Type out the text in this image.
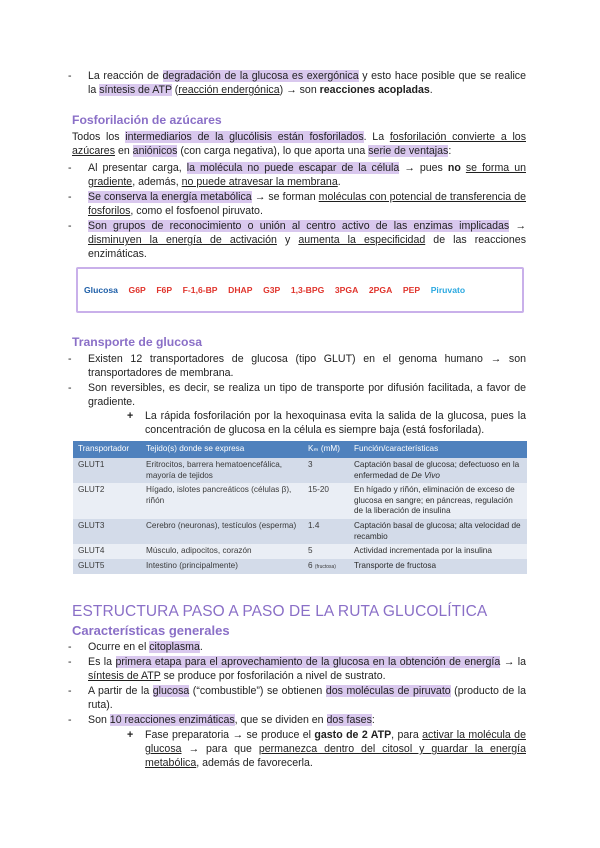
- La reacción de degradación de la glucosa es exergónica y esto hace posible que se realice la síntesis de ATP (reacción endergónica) → son reacciones acopladas.
Fosforilación de azúcares
Todos los intermediarios de la glucólisis están fosforilados. La fosforilación convierte a los azúcares en aniónicos (con carga negativa), lo que aporta una serie de ventajas:
- Al presentar carga, la molécula no puede escapar de la célula → pues no se forma un gradiente, además, no puede atravesar la membrana.
- Se conserva la energía metabólica → se forman moléculas con potencial de transferencia de fosforilos, como el fosfoenol piruvato.
- Son grupos de reconocimiento o unión al centro activo de las enzimas implicadas → disminuyen la energía de activación y aumenta la especificidad de las reacciones enzimáticas.
Glucosa G6P F6P F-1,6-BP DHAP G3P 1,3-BPG 3PGA 2PGA PEP Piruvato
Transporte de glucosa
- Existen 12 transportadores de glucosa (tipo GLUT) en el genoma humano → son transportadores de membrana.
- Son reversibles, es decir, se realiza un tipo de transporte por difusión facilitada, a favor de gradiente.
+ La rápida fosforilación por la hexoquinasa evita la salida de la glucosa, pues la concentración de glucosa en la célula es siempre baja (está fosforilada).
Transportador	Tejido(s) donde se expresa	Kₘ (mM)	Función/características
GLUT1	Eritrocitos, barrera hematoencefálica, mayoría de tejidos	3	Captación basal de glucosa; defectuoso en la enfermedad de De Vivo
GLUT2	Hígado, islotes pancreáticos (células β), riñón	15-20	En hígado y riñón, eliminación de exceso de glucosa en sangre; en páncreas, regulación de la liberación de insulina
GLUT3	Cerebro (neuronas), testículos (esperma)	1.4	Captación basal de glucosa; alta velocidad de recambio
GLUT4	Músculo, adipocitos, corazón	5	Actividad incrementada por la insulina
GLUT5	Intestino (principalmente)	6 (fructosa)	Transporte de fructosa
ESTRUCTURA PASO A PASO DE LA RUTA GLUCOLÍTICA
Características generales
- Ocurre en el citoplasma.
- Es la primera etapa para el aprovechamiento de la glucosa en la obtención de energía → la síntesis de ATP se produce por fosforilación a nivel de sustrato.
- A partir de la glucosa (“combustible”) se obtienen dos moléculas de piruvato (producto de la ruta).
- Son 10 reacciones enzimáticas, que se dividen en dos fases:
+ Fase preparatoria → se produce el gasto de 2 ATP, para activar la molécula de glucosa → para que permanezca dentro del citosol y guardar la energía metabólica, además de favorecerla.
